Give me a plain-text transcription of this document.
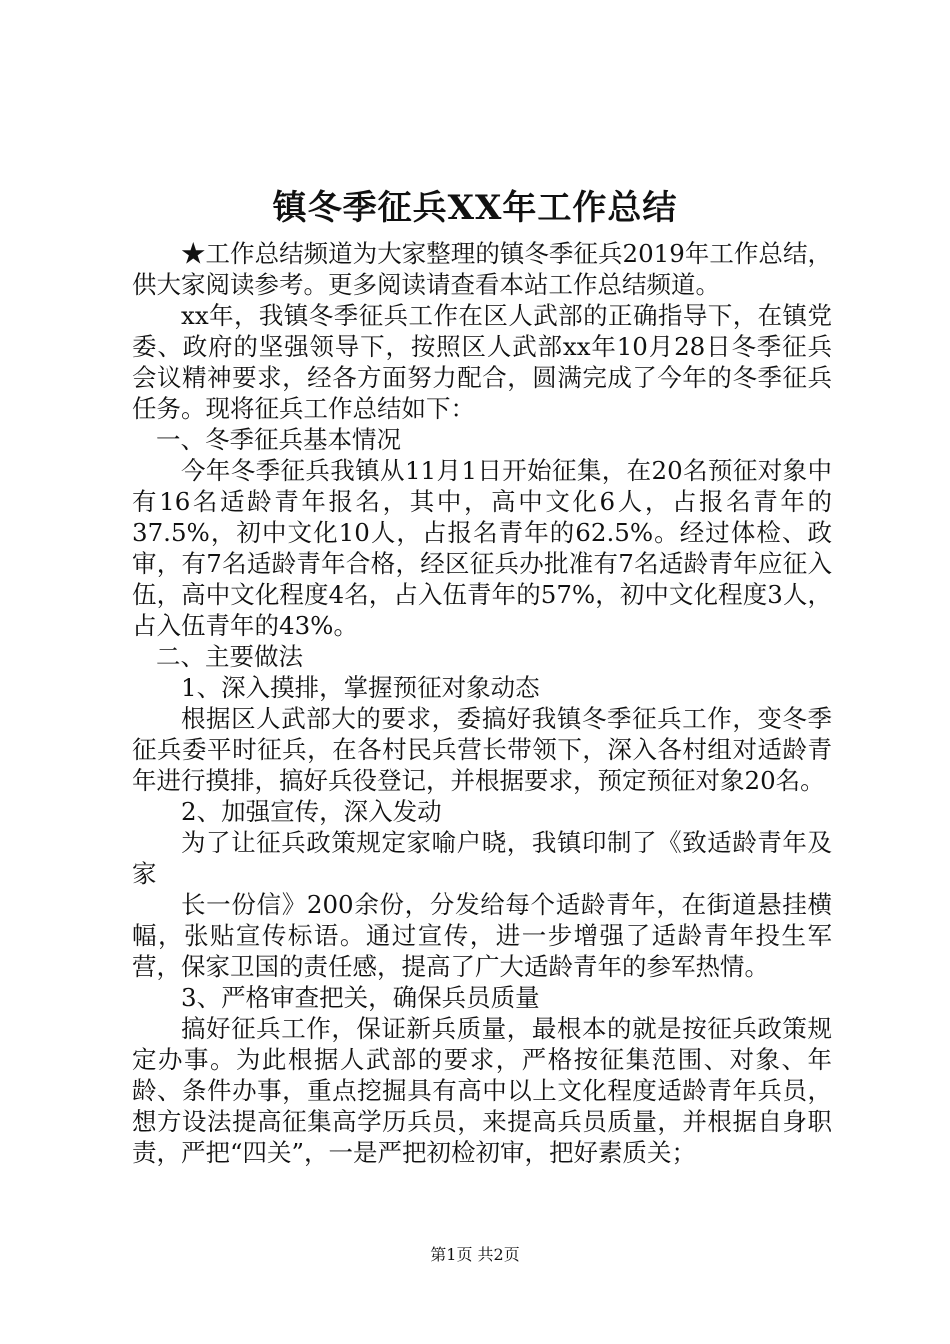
镇冬季征兵XX年工作总结

★工作总结频道为大家整理的镇冬季征兵2019年工作总结，供大家阅读参考。更多阅读请查看本站工作总结频道。

xx年，我镇冬季征兵工作在区人武部的正确指导下，在镇党委、政府的坚强领导下，按照区人武部xx年10月28日冬季征兵会议精神要求，经各方面努力配合，圆满完成了今年的冬季征兵任务。现将征兵工作总结如下：

一、冬季征兵基本情况

今年冬季征兵我镇从11月1日开始征集，在20名预征对象中有16名适龄青年报名，其中，高中文化6人，占报名青年的37.5%，初中文化10人，占报名青年的62.5%。经过体检、政审，有7名适龄青年合格，经区征兵办批准有7名适龄青年应征入伍，高中文化程度4名，占入伍青年的57%，初中文化程度3人，占入伍青年的43%。

二、主要做法

1、深入摸排，掌握预征对象动态

根据区人武部大的要求，委搞好我镇冬季征兵工作，变冬季征兵委平时征兵，在各村民兵营长带领下，深入各村组对适龄青年进行摸排，搞好兵役登记，并根据要求，预定预征对象20名。

2、加强宣传，深入发动

为了让征兵政策规定家喻户晓，我镇印制了《致适龄青年及家

长一份信》200余份，分发给每个适龄青年，在街道悬挂横幅，张贴宣传标语。通过宣传，进一步增强了适龄青年投生军营，保家卫国的责任感，提高了广大适龄青年的参军热情。

3、严格审查把关，确保兵员质量

搞好征兵工作，保证新兵质量，最根本的就是按征兵政策规定办事。为此根据人武部的要求，严格按征集范围、对象、年龄、条件办事，重点挖掘具有高中以上文化程度适龄青年兵员，想方设法提高征集高学历兵员，来提高兵员质量，并根据自身职责，严把“四关”，一是严把初检初审，把好素质关；

第1页 共2页
